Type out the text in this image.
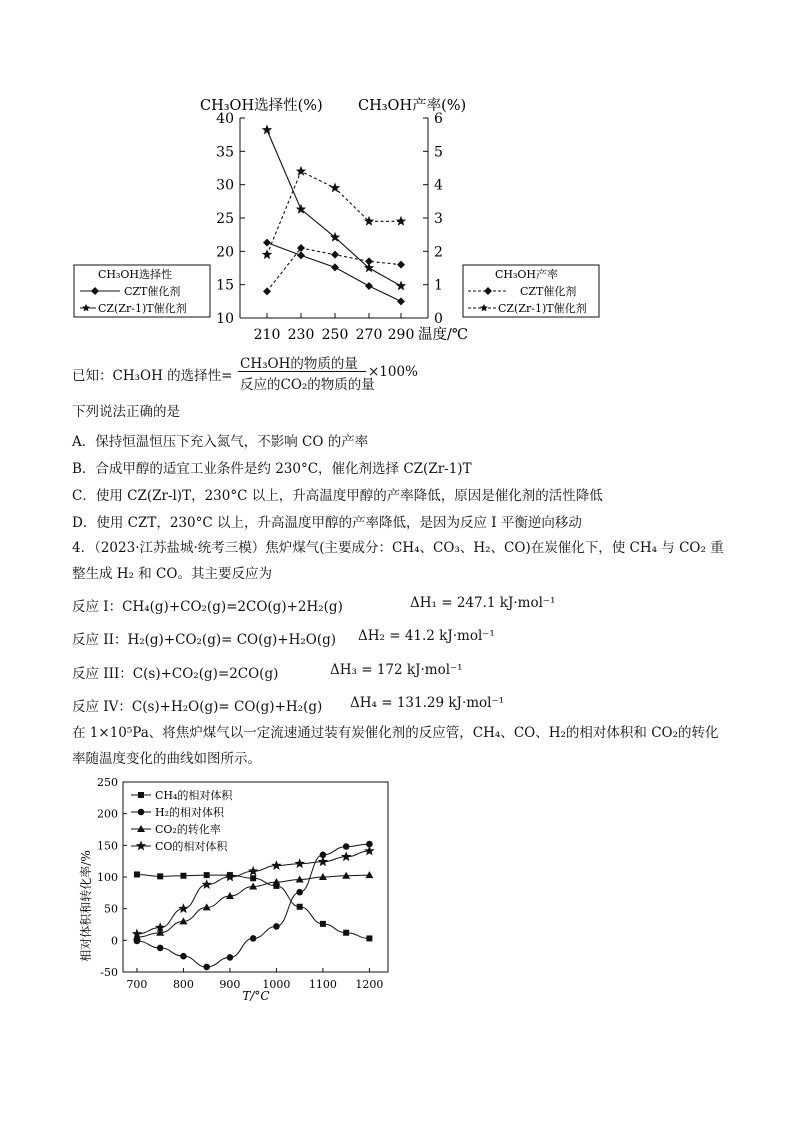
CH₃OH选择性(%) CH₃OH产率(%)
温度/℃
10
15
20
25
30
35
40
0
1
2
3
4
5
6
210 230 250 270 290
CH₃OH选择性
CZT催化剂
CZ(Zr-1)T催化剂
CH₃OH产率
CZT催化剂
CZ(Zr-1)T催化剂
已知：CH₃OH 的选择性=
CH₃OH的物质的量
反应的CO₂的物质的量
×100%
下列说法正确的是
A．保持恒温恒压下充入氮气，不影响 CO 的产率
B．合成甲醇的适宜工业条件是约 230°C，催化剂选择 CZ(Zr-1)T
C．使用 CZ(Zr-l)T，230°C 以上，升高温度甲醇的产率降低，原因是催化剂的活性降低
D．使用 CZT，230°C 以上，升高温度甲醇的产率降低，是因为反应 I 平衡逆向移动
4．（2023·江苏盐城·统考三模）焦炉煤气(主要成分：CH₄、CO₃、H₂、CO)在炭催化下，使 CH₄ 与 CO₂ 重
整生成 H₂ 和 CO。其主要反应为
反应 I：CH₄(g)+CO₂(g)=2CO(g)+2H₂(g)	ΔH₁ = 247.1 kJ·mol⁻¹
反应 II：H₂(g)+CO₂(g)= CO(g)+H₂O(g) ΔH₂ = 41.2 kJ·mol⁻¹
反应 III：C(s)+CO₂(g)=2CO(g)	ΔH₃ = 172 kJ·mol⁻¹
反应 IV：C(s)+H₂O(g)= CO(g)+H₂(g) ΔH₄ = 131.29 kJ·mol⁻¹
在 1×10⁵Pa、将焦炉煤气以一定流速通过装有炭催化剂的反应管，CH₄、CO、H₂的相对体积和 CO₂的转化
率随温度变化的曲线如图所示。
相对体积和转化率/%
T/°C
-50
0
50
100
150
200
250
700 800 900 1000 1100 1200
CH₄的相对体积
H₂的相对体积
CO₂的转化率
CO的相对体积
